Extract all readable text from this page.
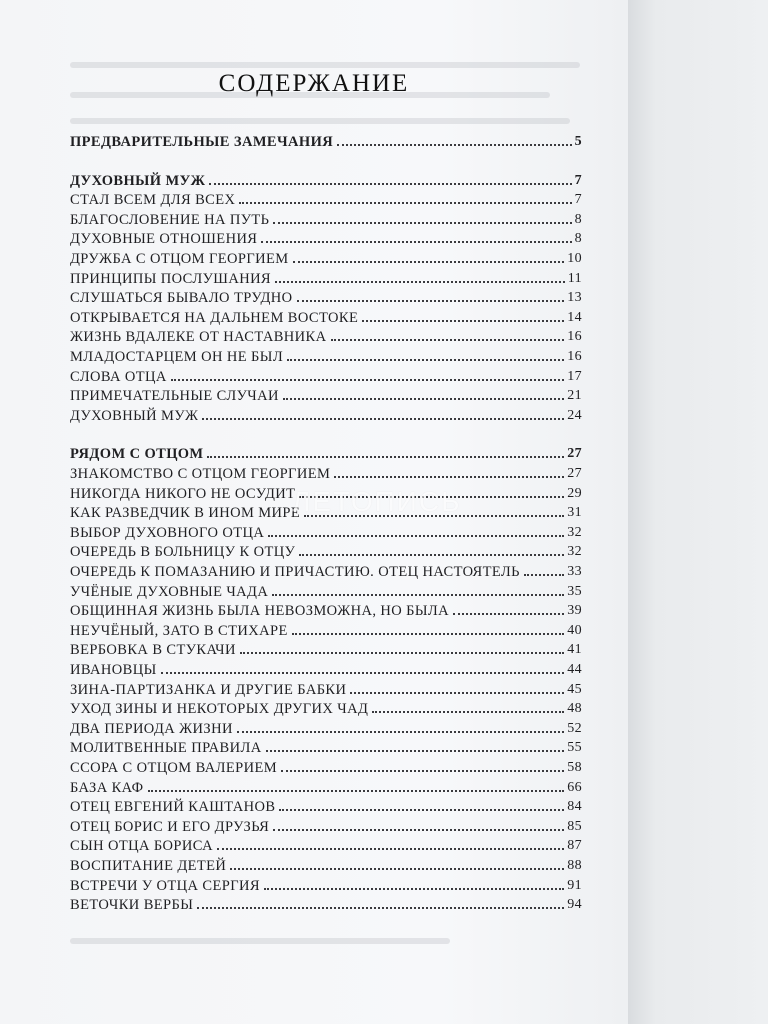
СОДЕРЖАНИЕ
ПРЕДВАРИТЕЛЬНЫЕ ЗАМЕЧАНИЯ	5
ДУХОВНЫЙ МУЖ	7
СТАЛ ВСЕМ ДЛЯ ВСЕХ	7
БЛАГОСЛОВЕНИЕ НА ПУТЬ	8
ДУХОВНЫЕ ОТНОШЕНИЯ	8
ДРУЖБА С ОТЦОМ ГЕОРГИЕМ	10
ПРИНЦИПЫ ПОСЛУШАНИЯ	11
СЛУШАТЬСЯ БЫВАЛО ТРУДНО	13
ОТКРЫВАЕТСЯ НА ДАЛЬНЕМ ВОСТОКЕ	14
ЖИЗНЬ ВДАЛЕКЕ ОТ НАСТАВНИКА	16
МЛАДОСТАРЦЕМ ОН НЕ БЫЛ	16
СЛОВА ОТЦА	17
ПРИМЕЧАТЕЛЬНЫЕ СЛУЧАИ	21
ДУХОВНЫЙ МУЖ	24
РЯДОМ С ОТЦОМ	27
ЗНАКОМСТВО С ОТЦОМ ГЕОРГИЕМ	27
НИКОГДА НИКОГО НЕ ОСУДИТ	29
КАК РАЗВЕДЧИК В ИНОМ МИРЕ	31
ВЫБОР ДУХОВНОГО ОТЦА	32
ОЧЕРЕДЬ В БОЛЬНИЦУ К ОТЦУ	32
ОЧЕРЕДЬ К ПОМАЗАНИЮ И ПРИЧАСТИЮ. ОТЕЦ НАСТОЯТЕЛЬ	33
УЧЁНЫЕ ДУХОВНЫЕ ЧАДА	35
ОБЩИННАЯ ЖИЗНЬ БЫЛА НЕВОЗМОЖНА, НО БЫЛА	39
НЕУЧЁНЫЙ, ЗАТО В СТИХАРЕ	40
ВЕРБОВКА В СТУКАЧИ	41
ИВАНОВЦЫ	44
ЗИНА-ПАРТИЗАНКА И ДРУГИЕ БАБКИ	45
УХОД ЗИНЫ И НЕКОТОРЫХ ДРУГИХ ЧАД	48
ДВА ПЕРИОДА ЖИЗНИ	52
МОЛИТВЕННЫЕ ПРАВИЛА	55
ССОРА С ОТЦОМ ВАЛЕРИЕМ	58
БАЗА КАФ	66
ОТЕЦ ЕВГЕНИЙ КАШТАНОВ	84
ОТЕЦ БОРИС И ЕГО ДРУЗЬЯ	85
СЫН ОТЦА БОРИСА	87
ВОСПИТАНИЕ ДЕТЕЙ	88
ВСТРЕЧИ У ОТЦА СЕРГИЯ	91
ВЕТОЧКИ ВЕРБЫ	94
ЛЕТОПИСЬ
